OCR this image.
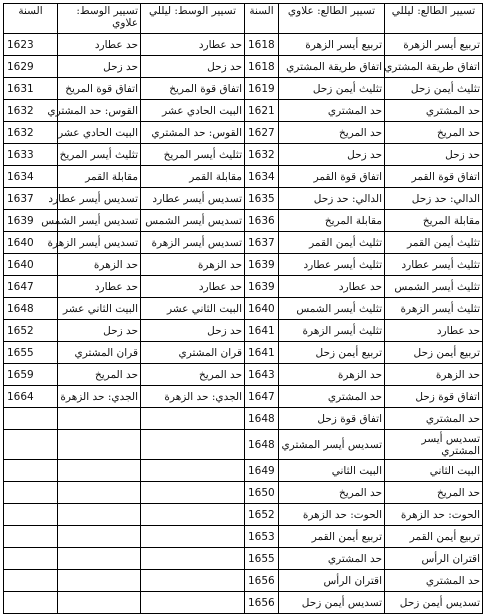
السنة	تسيير الوسط: علاوي	تسيير الوسط: ليللي	السنة	تسيير الطالع: علاوي	تسيير الطالع: ليللي
1623	حد عطارد	حد عطارد	1618	تربيع أيسر الزهرة	تربيع أيسر الزهرة
1629	حد زحل	حد زحل	1618	اتفاق طريقة المشتري	اتفاق طريقة المشتري
1631	اتفاق قوة المريخ	اتفاق قوة المريخ	1619	تثليث أيمن زحل	تثليث أيمن زحل
1632	القوس: حد المشتري	البيت الحادي عشر	1621	حد المشتري	حد المشتري
1632	البيت الحادي عشر	القوس: حد المشتري	1627	حد المريخ	حد المريخ
1633	تثليث أيسر المريخ	تثليث أيسر المريخ	1632	حد زحل	حد زحل
1634	مقابلة القمر	مقابلة القمر	1634	اتفاق قوة القمر	اتفاق قوة القمر
1637	تسديس أيسر عطارد	تسديس أيسر عطارد	1635	الدالي: حد زحل	الدالي: حد زحل
1639	تسديس أيسر الشمس	تسديس أيسر الشمس	1636	مقابلة المريخ	مقابلة المريخ
1640	تسديس أيسر الزهرة	تسديس أيسر الزهرة	1637	تثليث أيمن القمر	تثليث أيمن القمر
1640	حد الزهرة	حد الزهرة	1639	تثليث أيسر عطارد	تثليث أيسر عطارد
1647	حد عطارد	حد عطارد	1639	حد عطارد	تثليث أيسر الشمس
1648	البيت الثاني عشر	البيت الثاني عشر	1640	تثليث أيسر الشمس	تثليث أيسر الزهرة
1652	حد زحل	حد زحل	1641	تثليث أيسر الزهرة	حد عطارد
1655	قران المشتري	قران المشتري	1641	تربيع أيمن زحل	تربيع أيمن زحل
1659	حد المريخ	حد المريخ	1643	حد الزهرة	حد الزهرة
1664	الجدي: حد الزهرة	الجدي: حد الزهرة	1647	حد المشتري	اتفاق قوة زحل
			1648	اتفاق قوة زحل	حد المشتري
			1648	تسديس أيسر المشتري	تسديس أيسر المشتري
			1649	البيت الثاني	البيت الثاني
			1650	حد المريخ	حد المريخ
			1652	الحوت: حد الزهرة	الحوت: حد الزهرة
			1653	تربيع أيمن القمر	تربيع أيمن القمر
			1655	حد المشتري	اقتران الرأس
			1656	اقتران الرأس	حد المشتري
			1656	تسديس أيمن زحل	تسديس أيمن زحل
